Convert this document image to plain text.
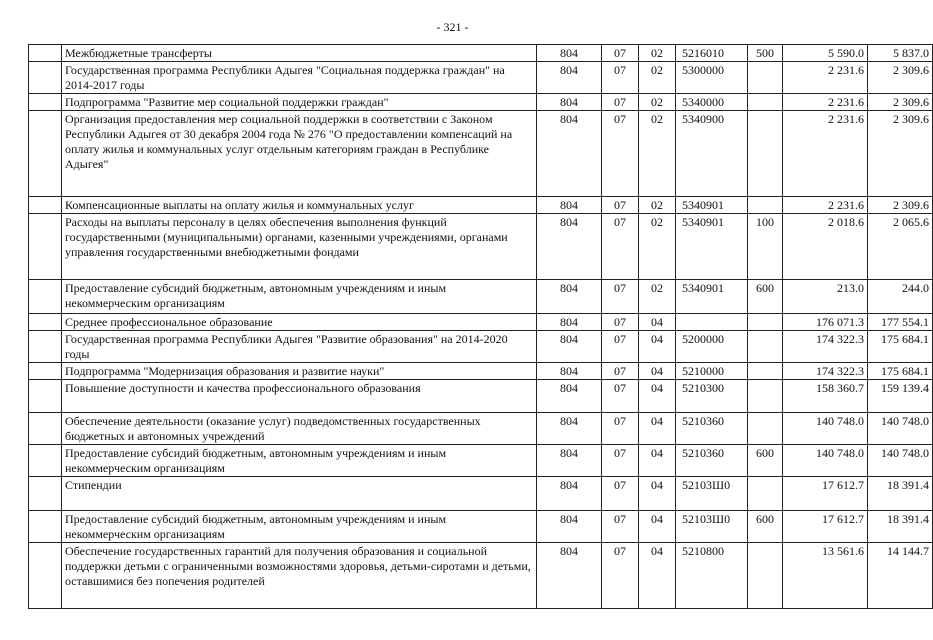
- 321 -
	Межбюджетные трансферты	804	07	02	5216010	500	5 590.0	5 837.0
	Государственная программа Республики Адыгея "Социальная поддержка граждан" на 2014-2017 годы	804	07	02	5300000		2 231.6	2 309.6
	Подпрограмма "Развитие мер социальной поддержки граждан"	804	07	02	5340000		2 231.6	2 309.6
	Организация предоставления мер социальной поддержки в соответствии с Законом Республики Адыгея от 30 декабря 2004 года № 276 "О предоставлении компенсаций на оплату жилья и коммунальных услуг отдельным категориям граждан в Республике Адыгея"	804	07	02	5340900		2 231.6	2 309.6
	Компенсационные выплаты на оплату жилья и коммунальных услуг	804	07	02	5340901		2 231.6	2 309.6
	Расходы на выплаты персоналу в целях обеспечения выполнения функций государственными (муниципальными) органами, казенными учреждениями, органами управления государственными внебюджетными фондами	804	07	02	5340901	100	2 018.6	2 065.6
	Предоставление субсидий бюджетным, автономным учреждениям и иным некоммерческим организациям	804	07	02	5340901	600	213.0	244.0
	Среднее профессиональное образование	804	07	04			176 071.3	177 554.1
	Государственная программа Республики Адыгея "Развитие образования" на 2014-2020 годы	804	07	04	5200000		174 322.3	175 684.1
	Подпрограмма "Модернизация образования и развитие науки"	804	07	04	5210000		174 322.3	175 684.1
	Повышение доступности и качества профессионального образования	804	07	04	5210300		158 360.7	159 139.4
	Обеспечение деятельности (оказание услуг) подведомственных государственных бюджетных и автономных учреждений	804	07	04	5210360		140 748.0	140 748.0
	Предоставление субсидий бюджетным, автономным учреждениям и иным некоммерческим организациям	804	07	04	5210360	600	140 748.0	140 748.0
	Стипендии	804	07	04	52103Ш0		17 612.7	18 391.4
	Предоставление субсидий бюджетным, автономным учреждениям и иным некоммерческим организациям	804	07	04	52103Ш0	600	17 612.7	18 391.4
	Обеспечение государственных гарантий для получения образования и социальной поддержки детьми с ограниченными возможностями здоровья, детьми-сиротами и детьми, оставшимися без попечения родителей	804	07	04	5210800		13 561.6	14 144.7
